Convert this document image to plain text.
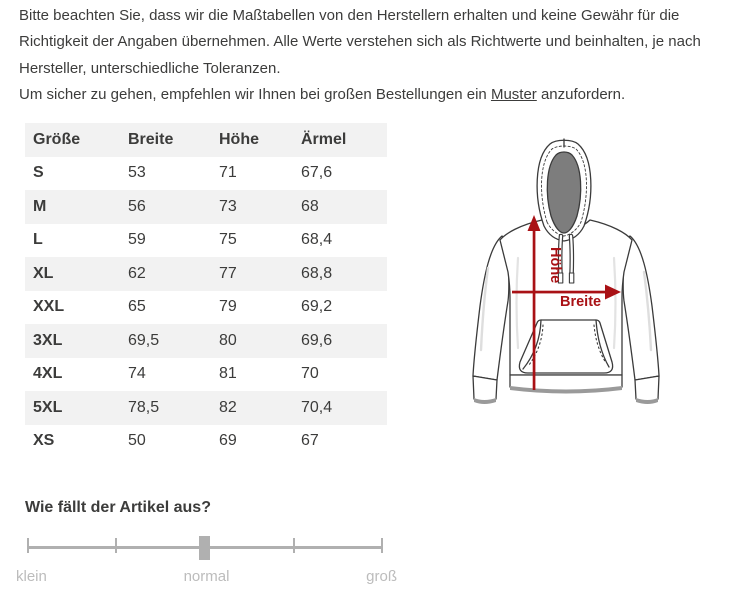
Bitte beachten Sie, dass wir die Maßtabellen von den Herstellern erhalten und keine Gewähr für die
Richtigkeit der Angaben übernehmen. Alle Werte verstehen sich als Richtwerte und beinhalten, je nach
Hersteller, unterschiedliche Toleranzen.
Um sicher zu gehen, empfehlen wir Ihnen bei großen Bestellungen ein Muster anzufordern.
Größe	Breite	Höhe	Ärmel
S	53	71	67,6
M	56	73	68
L	59	75	68,4
XL	62	77	68,8
XXL	65	79	69,2
3XL	69,5	80	69,6
4XL	74	81	70
5XL	78,5	82	70,4
XS	50	69	67
Höhe
Breite
Wie fällt der Artikel aus?
klein	normal	groß
